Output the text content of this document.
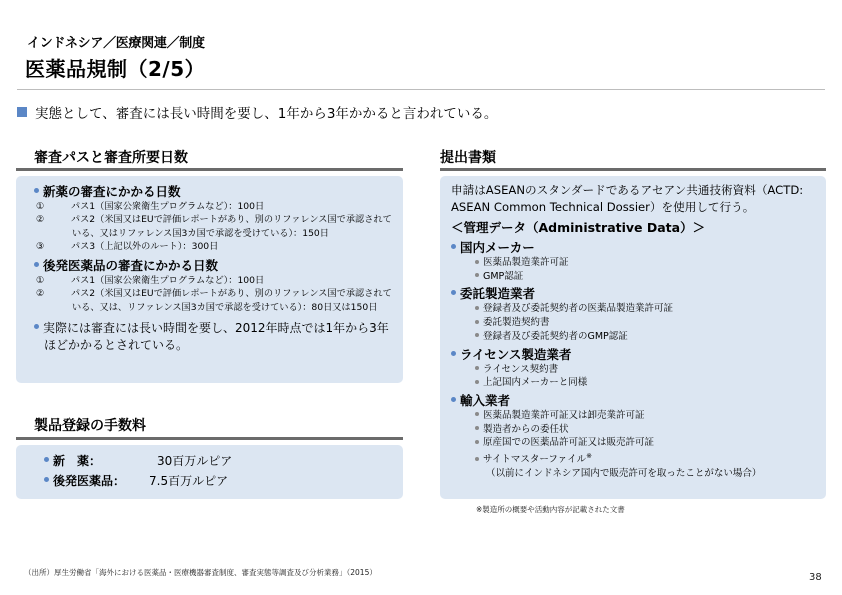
インドネシア／医療関連／制度
医薬品規制（2/5）
実態として、審査には長い時間を要し、1年から3年かかると言われている。
審査パスと審査所要日数
新薬の審査にかかる日数
①	パス1（国家公衆衛生プログラムなど）：100日
②	パス2（米国又はEUで評価レポートがあり、別のリファレンス国で承認されている、又はリファレンス国3カ国で承認を受けている）：150日
③	パス3（上記以外のルート）：300日
後発医薬品の審査にかかる日数
①	パス1（国家公衆衛生プログラムなど）：100日
②	パス2（米国又はEUで評価レポートがあり、別のリファレンス国で承認されている、又は、リファレンス国3カ国で承認を受けている）：80日又は150日
実際には審査には長い時間を要し、2012年時点では1年から3年ほどかかるとされている。
製品登録の手数料
新　薬：	30百万ルピア
後発医薬品：	7.5百万ルピア
提出書類
申請はASEANのスタンダードであるアセアン共通技術資料（ACTD: ASEAN Common Technical Dossier）を使用して行う。
＜管理データ（Administrative Data）＞
国内メーカー
医薬品製造業許可証
GMP認証
委託製造業者
登録者及び委託契約者の医薬品製造業許可証
委託製造契約書
登録者及び委託契約者のGMP認証
ライセンス製造業者
ライセンス契約書
上記国内メーカーと同様
輸入業者
医薬品製造業許可証又は卸売業許可証
製造者からの委任状
原産国での医薬品許可証又は販売許可証
サイトマスターファイル※
（以前にインドネシア国内で販売許可を取ったことがない場合）
※製造所の概要や活動内容が記載された文書
（出所）厚生労働省「海外における医薬品・医療機器審査制度、審査実態等調査及び分析業務」（2015）	38
